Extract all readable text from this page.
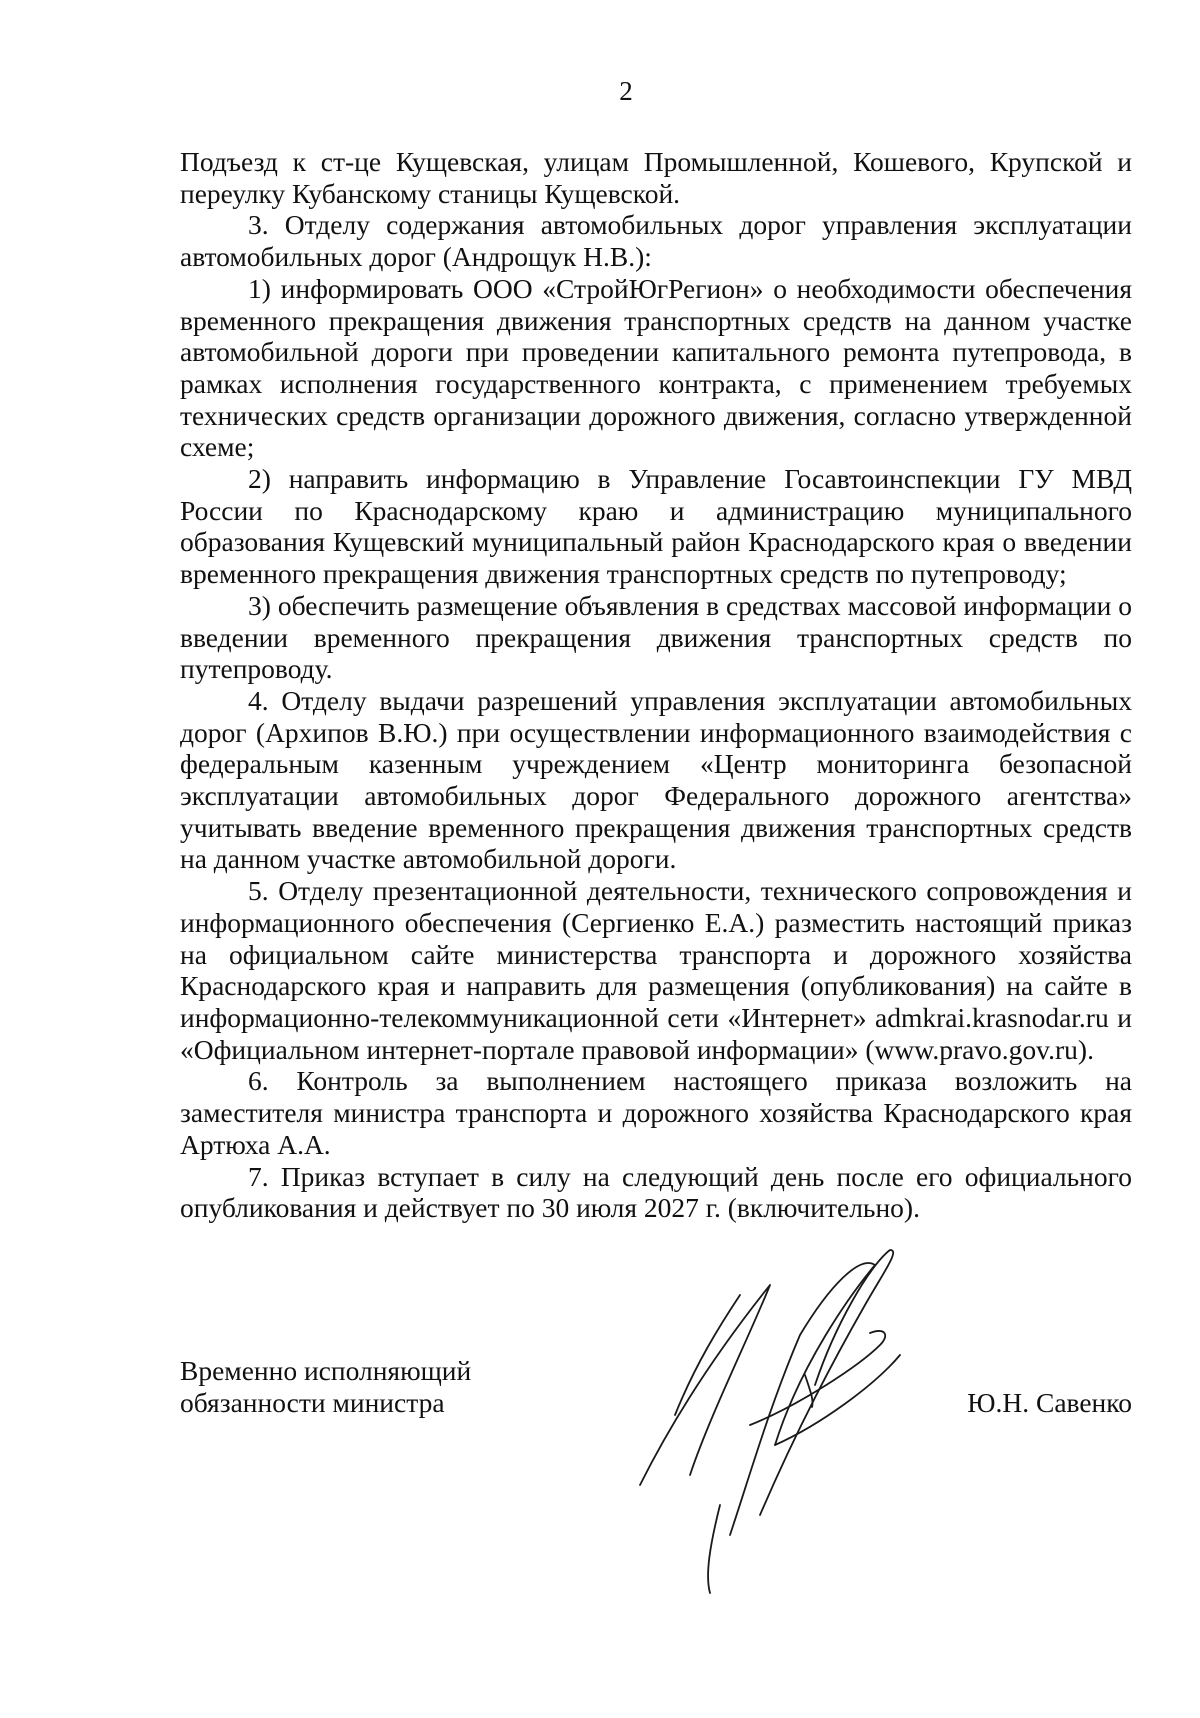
2

Подъезд к ст-це Кущевская, улицам Промышленной, Кошевого, Крупской и переулку Кубанскому станицы Кущевской.

3. Отделу содержания автомобильных дорог управления эксплуатации автомобильных дорог (Андрощук Н.В.):

1) информировать ООО «СтройЮгРегион» о необходимости обеспечения временного прекращения движения транспортных средств на данном участке автомобильной дороги при проведении капитального ремонта путепровода, в рамках исполнения государственного контракта, с применением требуемых технических средств организации дорожного движения, согласно утвержденной схеме;

2) направить информацию в Управление Госавтоинспекции ГУ МВД России по Краснодарскому краю и администрацию муниципального образования Кущевский муниципальный район Краснодарского края о введении временного прекращения движения транспортных средств по путепроводу;

3) обеспечить размещение объявления в средствах массовой информации о введении временного прекращения движения транспортных средств по путепроводу.

4. Отделу выдачи разрешений управления эксплуатации автомобильных дорог (Архипов В.Ю.) при осуществлении информационного взаимодействия с федеральным казенным учреждением «Центр мониторинга безопасной эксплуатации автомобильных дорог Федерального дорожного агентства» учитывать введение временного прекращения движения транспортных средств на данном участке автомобильной дороги.

5. Отделу презентационной деятельности, технического сопровождения и информационного обеспечения (Сергиенко Е.А.) разместить настоящий приказ на официальном сайте министерства транспорта и дорожного хозяйства Краснодарского края и направить для размещения (опубликования) на сайте в информационно-телекоммуникационной сети «Интернет» admkrai.krasnodar.ru и «Официальном интернет-портале правовой информации» (www.pravo.gov.ru).

6. Контроль за выполнением настоящего приказа возложить на заместителя министра транспорта и дорожного хозяйства Краснодарского края Артюха А.А.

7. Приказ вступает в силу на следующий день после его официального опубликования и действует по 30 июля 2027 г. (включительно).

Временно исполняющий
обязанности министра	Ю.Н. Савенко
